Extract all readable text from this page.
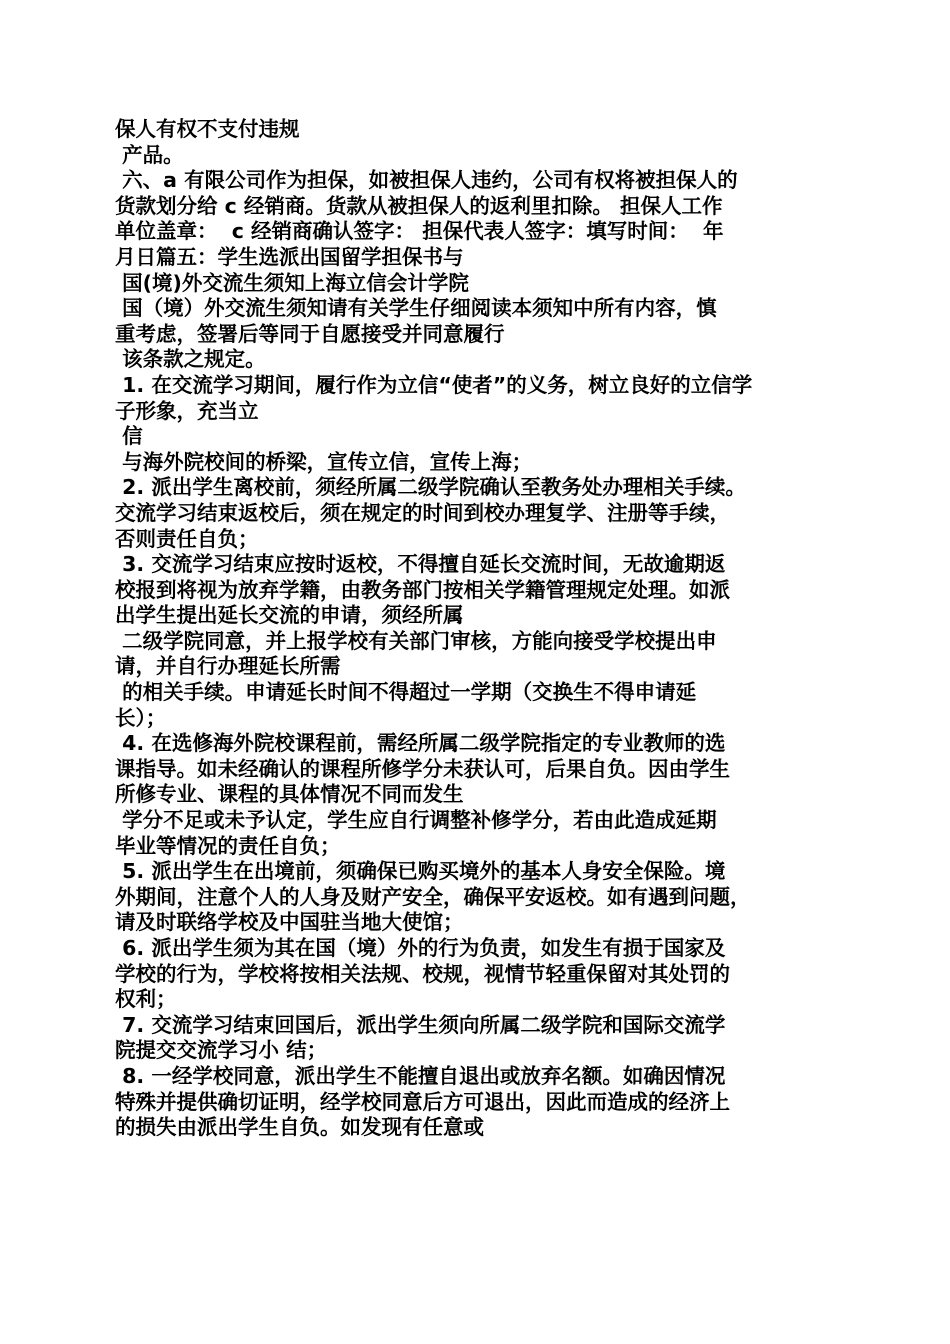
保人有权不支付违规
产品。
六、a 有限公司作为担保，如被担保人违约，公司有权将被担保人的
货款划分给 c 经销商。货款从被担保人的返利里扣除。 担保人工作
单位盖章：  c 经销商确认签字： 担保代表人签字：填写时间：  年
月日篇五：学生选派出国留学担保书与
国(境)外交流生须知上海立信会计学院
国（境）外交流生须知请有关学生仔细阅读本须知中所有内容，慎
重考虑，签署后等同于自愿接受并同意履行
该条款之规定。
1. 在交流学习期间，履行作为立信“使者”的义务，树立良好的立信学
子形象，充当立
信
与海外院校间的桥梁，宣传立信，宣传上海；
2. 派出学生离校前，须经所属二级学院确认至教务处办理相关手续。
交流学习结束返校后，须在规定的时间到校办理复学、注册等手续，
否则责任自负；
3. 交流学习结束应按时返校，不得擅自延长交流时间，无故逾期返
校报到将视为放弃学籍，由教务部门按相关学籍管理规定处理。如派
出学生提出延长交流的申请，须经所属
二级学院同意，并上报学校有关部门审核，方能向接受学校提出申
请，并自行办理延长所需
的相关手续。申请延长时间不得超过一学期（交换生不得申请延
长）；
4. 在选修海外院校课程前，需经所属二级学院指定的专业教师的选
课指导。如未经确认的课程所修学分未获认可，后果自负。因由学生
所修专业、课程的具体情况不同而发生
学分不足或未予认定，学生应自行调整补修学分，若由此造成延期
毕业等情况的责任自负；
5. 派出学生在出境前，须确保已购买境外的基本人身安全保险。境
外期间，注意个人的人身及财产安全，确保平安返校。如有遇到问题，
请及时联络学校及中国驻当地大使馆；
6. 派出学生须为其在国（境）外的行为负责，如发生有损于国家及
学校的行为，学校将按相关法规、校规，视情节轻重保留对其处罚的
权利；
7. 交流学习结束回国后，派出学生须向所属二级学院和国际交流学
院提交交流学习小 结；
8. 一经学校同意，派出学生不能擅自退出或放弃名额。如确因情况
特殊并提供确切证明，经学校同意后方可退出，因此而造成的经济上
的损失由派出学生自负。如发现有任意或
